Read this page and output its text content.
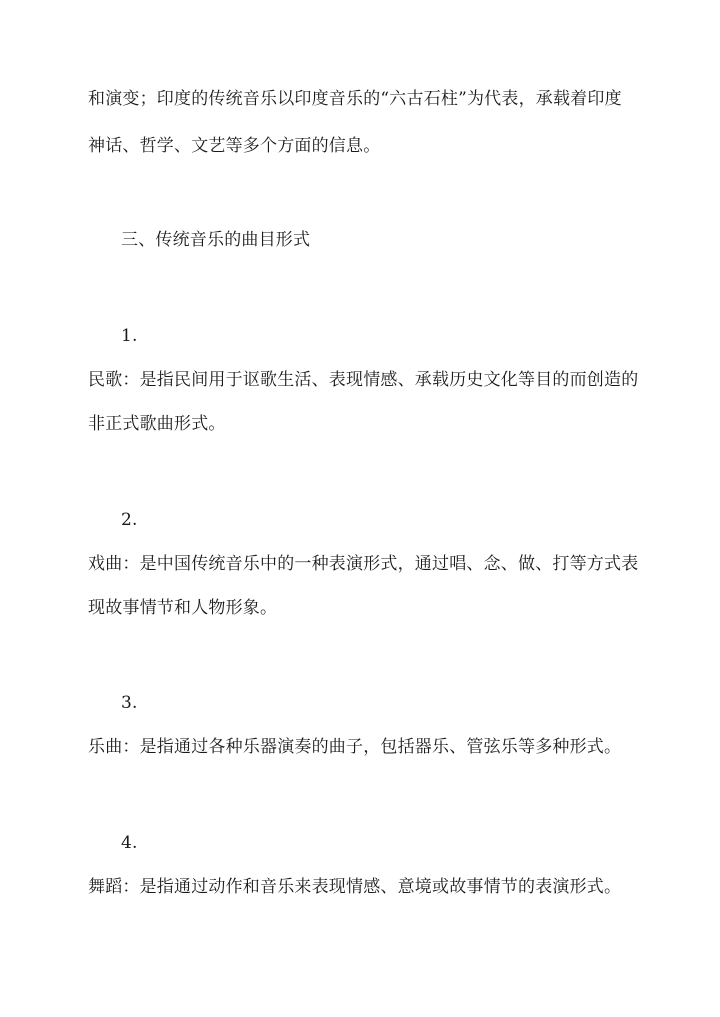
和演变；印度的传统音乐以印度音乐的“六古石柱”为代表，承载着印度
神话、哲学、文艺等多个方面的信息。
三、传统音乐的曲目形式
1.
民歌：是指民间用于讴歌生活、表现情感、承载历史文化等目的而创造的
非正式歌曲形式。
2.
戏曲：是中国传统音乐中的一种表演形式，通过唱、念、做、打等方式表
现故事情节和人物形象。
3.
乐曲：是指通过各种乐器演奏的曲子，包括器乐、管弦乐等多种形式。
4.
舞蹈：是指通过动作和音乐来表现情感、意境或故事情节的表演形式。
